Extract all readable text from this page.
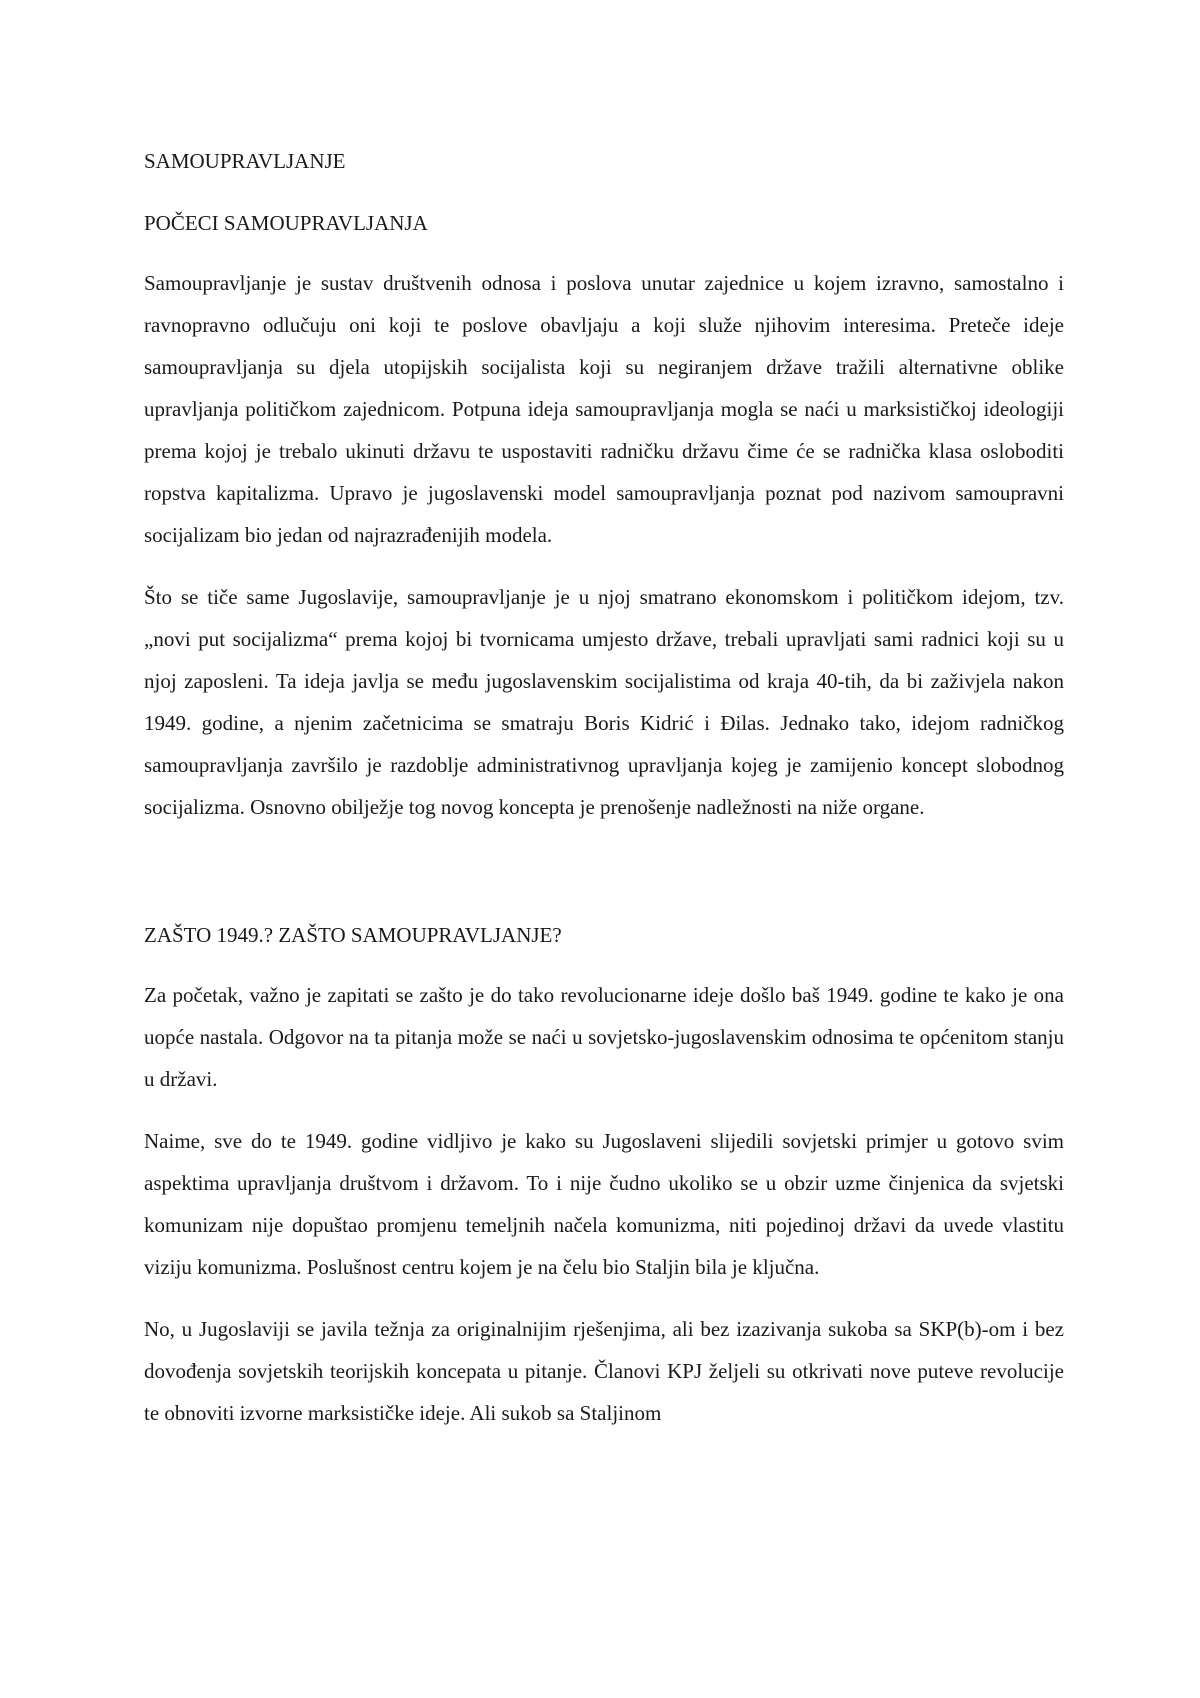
SAMOUPRAVLJANJE
POČECI SAMOUPRAVLJANJA

Samoupravljanje je sustav društvenih odnosa i poslova unutar zajednice u kojem izravno, samostalno i ravnopravno odlučuju oni koji te poslove obavljaju a koji služe njihovim interesima. Preteče ideje samoupravljanja su djela utopijskih socijalista koji su negiranjem države tražili alternativne oblike upravljanja političkom zajednicom. Potpuna ideja samoupravljanja mogla se naći u marksističkoj ideologiji prema kojoj je trebalo ukinuti državu te uspostaviti radničku državu čime će se radnička klasa osloboditi ropstva kapitalizma. Upravo je jugoslavenski model samoupravljanja poznat pod nazivom samoupravni socijalizam bio jedan od najrazrađenijih modela.

Što se tiče same Jugoslavije, samoupravljanje je u njoj smatrano ekonomskom i političkom idejom, tzv. „novi put socijalizma“ prema kojoj bi tvornicama umjesto države, trebali upravljati sami radnici koji su u njoj zaposleni. Ta ideja javlja se među jugoslavenskim socijalistima od kraja 40-tih, da bi zaživjela nakon 1949. godine, a njenim začetnicima se smatraju Boris Kidrić i Đilas. Jednako tako, idejom radničkog samoupravljanja završilo je razdoblje administrativnog upravljanja kojeg je zamijenio koncept slobodnog socijalizma. Osnovno obilježje tog novog koncepta je prenošenje nadležnosti na niže organe.

ZAŠTO 1949.? ZAŠTO SAMOUPRAVLJANJE?

Za početak, važno je zapitati se zašto je do tako revolucionarne ideje došlo baš 1949. godine te kako je ona uopće nastala. Odgovor na ta pitanja može se naći u sovjetsko-jugoslavenskim odnosima te općenitom stanju u državi.

Naime, sve do te 1949. godine vidljivo je kako su Jugoslaveni slijedili sovjetski primjer u gotovo svim aspektima upravljanja društvom i državom. To i nije čudno ukoliko se u obzir uzme činjenica da svjetski komunizam nije dopuštao promjenu temeljnih načela komunizma, niti pojedinoj državi da uvede vlastitu viziju komunizma. Poslušnost centru kojem je na čelu bio Staljin bila je ključna.

No, u Jugoslaviji se javila težnja za originalnijim rješenjima, ali bez izazivanja sukoba sa SKP(b)-om i bez dovođenja sovjetskih teorijskih koncepata u pitanje. Članovi KPJ željeli su otkrivati nove puteve revolucije te obnoviti izvorne marksističke ideje. Ali sukob sa Staljinom
